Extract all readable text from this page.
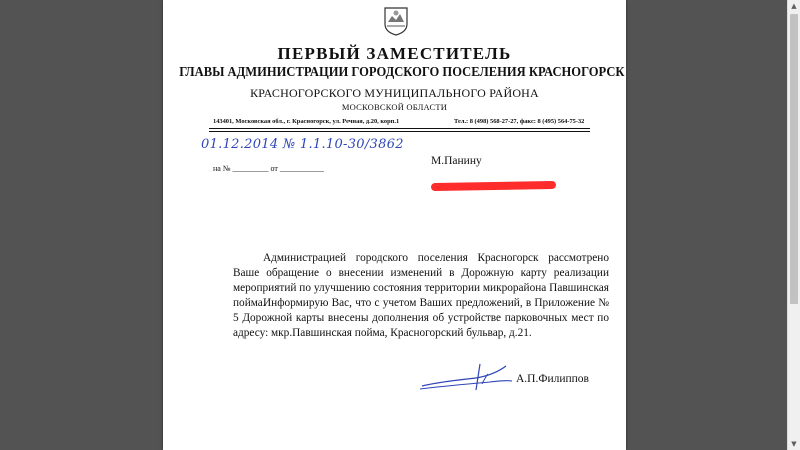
ПЕРВЫЙ ЗАМЕСТИТЕЛЬ
ГЛАВЫ АДМИНИСТРАЦИИ ГОРОДСКОГО ПОСЕЛЕНИЯ КРАСНОГОРСК
КРАСНОГОРСКОГО МУНИЦИПАЛЬНОГО РАЙОНА
МОСКОВСКОЙ ОБЛАСТИ
143401, Московская обл., г. Красногорск, ул. Речная, д.20, корп.1	Тел.: 8 (498) 568-27-27, факс: 8 (495) 564-75-32
01.12.2014 № 1.1.10-30/3862
на № _________ от ___________
М.Панину

Администрацией городского поселения Красногорск рассмотрено Ваше обращение о внесении изменений в Дорожную карту реализации мероприятий по улучшению состояния территории микрорайона Павшинская пойма.

Информирую Вас, что с учетом Ваших предложений, в Приложение № 5 Дорожной карты внесены дополнения об устройстве парковочных мест по адресу: мкр.Павшинская пойма, Красногорский бульвар, д.21.

А.П.Филиппов
▲
▼
